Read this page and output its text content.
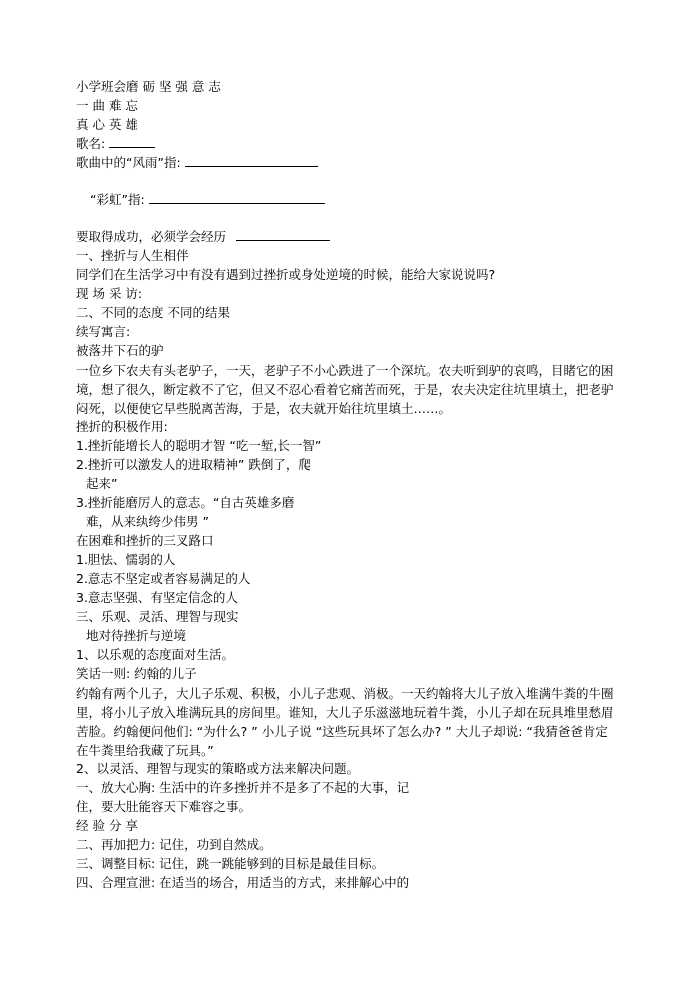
小学班会磨 砺 坚 强 意 志
一 曲 难 忘
真 心 英 雄
歌名:
歌曲中的“风雨”指:
“彩虹”指:
要取得成功，必须学会经历
一、挫折与人生相伴
同学们在生活学习中有没有遇到过挫折或身处逆境的时候，能给大家说说吗?
现 场 采 访:
二、不同的态度 不同的结果
续写寓言:
被落井下石的驴
一位乡下农夫有头老驴子，一天，老驴子不小心跌进了一个深坑。农夫听到驴的哀鸣，目睹它的困境，想了很久，断定救不了它，但又不忍心看着它痛苦而死，于是，农夫决定往坑里填土，把老驴闷死，以便使它早些脱离苦海，于是，农夫就开始往坑里填土……。
挫折的积极作用:
1.挫折能增长人的聪明才智 “吃一堑,长一智”
2.挫折可以激发人的进取精神” 跌倒了，爬
起来”
3.挫折能磨厉人的意志。“自古英雄多磨
难，从来纨绔少伟男 ”
在困难和挫折的三叉路口
1.胆怯、懦弱的人
2.意志不坚定或者容易满足的人
3.意志坚强、有坚定信念的人
三、乐观、灵活、理智与现实
地对待挫折与逆境
1、以乐观的态度面对生活。
笑话一则: 约翰的儿子
约翰有两个儿子，大儿子乐观、积极，小儿子悲观、消极。一天约翰将大儿子放入堆满牛粪的牛圈里，将小儿子放入堆满玩具的房间里。谁知，大儿子乐滋滋地玩着牛粪，小儿子却在玩具堆里愁眉苦脸。约翰便问他们: “为什么? ” 小儿子说 “这些玩具坏了怎么办? ” 大儿子却说: “我猜爸爸肯定在牛粪里给我藏了玩具。”
2、以灵活、理智与现实的策略或方法来解决问题。
一、放大心胸: 生活中的许多挫折并不是多了不起的大事，记
住，要大肚能容天下难容之事。
经 验 分 享
二、再加把力: 记住，功到自然成。
三、调整目标: 记住，跳一跳能够到的目标是最佳目标。
四、合理宣泄: 在适当的场合，用适当的方式，来排解心中的
